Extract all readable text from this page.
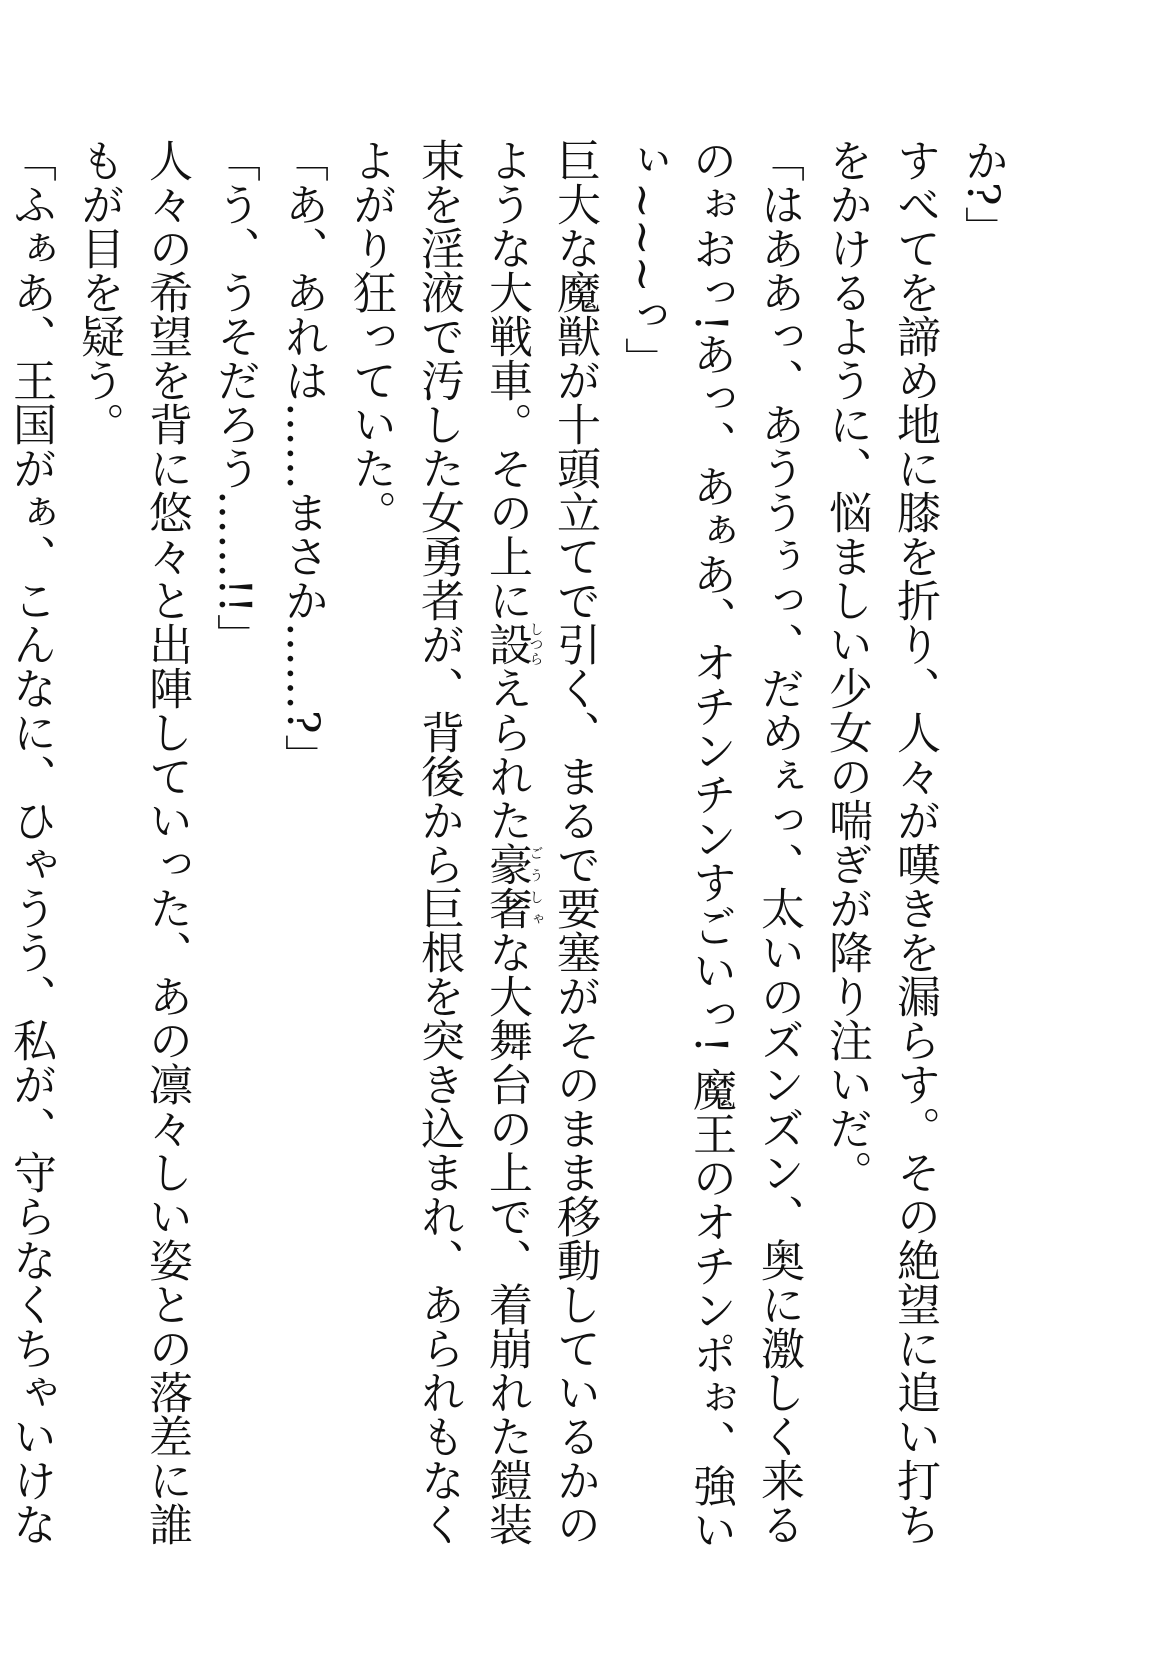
か?」

すべてを諦め地に膝を折り、人々が嘆きを漏らす。その絶望に追い打ちをかけるように、悩ましい少女の喘ぎが降り注いだ。

「はああっ、あううぅっ、だめぇっ、太いのズンズン、奥に激しく来るのぉおっ!あっ、あぁあ、オチンチンすごいっ! 魔王のオチンポぉ、強いぃ~~~っ」

巨大な魔獣が十頭立てで引く、まるで要塞がそのまま移動しているかのような大戦車。その上に設しつらえられた豪奢ごうしゃな大舞台の上で、着崩れた鎧装束を淫液で汚した女勇者が、背後から巨根を突き込まれ、あられもなくよがり狂っていた。

「あ、あれは……まさか……?」

「う、うそだろう……!!」

人々の希望を背に悠々と出陣していった、あの凛々しい姿との落差に誰もが目を疑う。

「ふぁあ、王国がぁ、こんなに、ひゃうう、私が、守らなくちゃいけな
